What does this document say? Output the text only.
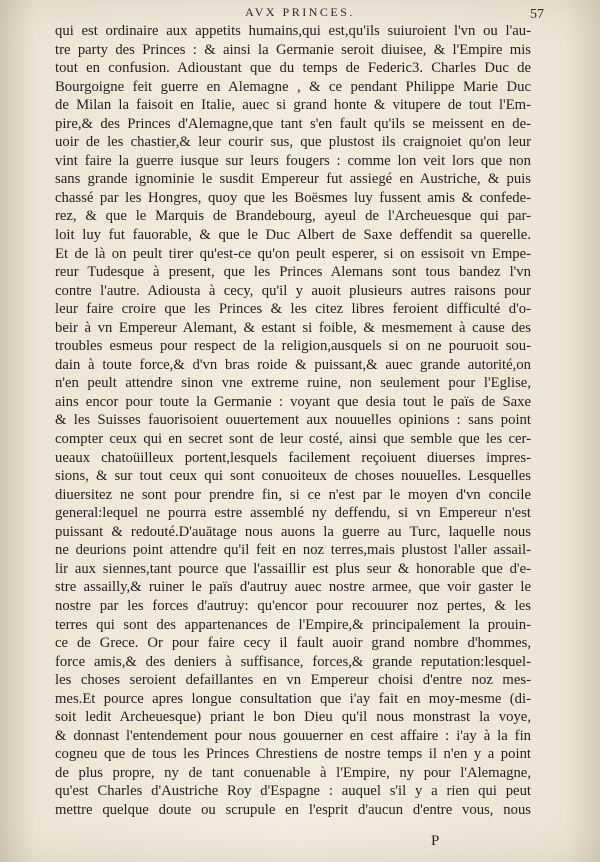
AVX PRINCES.	57
qui est ordinaire aux appetits humains,qui est,qu'ils suiuroient l'vn ou l'au-
tre party des Princes : & ainsi la Germanie seroit diuisee, & l'Empire mis
tout en confusion. Adioustant que du temps de Federic3. Charles Duc de
Bourgoigne feit guerre en Alemagne , & ce pendant Philippe Marie Duc
de Milan la faisoit en Italie, auec si grand honte & vitupere de tout l'Em-
pire,& des Princes d'Alemagne,que tant s'en fault qu'ils se meissent en de-
uoir de les chastier,& leur courir sus, que plustost ils craignoiet qu'on leur
vint faire la guerre iusque sur leurs fougers : comme lon veit lors que non
sans grande ignominie le susdit Empereur fut assiegé en Austriche, & puis
chassé par les Hongres, quoy que les Boësmes luy fussent amis & confede-
rez, & que le Marquis de Brandebourg, ayeul de l'Archeuesque qui par-
loit luy fut fauorable, & que le Duc Albert de Saxe deffendit sa querelle.
Et de là on peult tirer qu'est-ce qu'on peult esperer, si on essisoit vn Empe-
reur Tudesque à present, que les Princes Alemans sont tous bandez l'vn
contre l'autre. Adiousta à cecy, qu'il y auoit plusieurs autres raisons pour
leur faire croire que les Princes & les citez libres feroient difficulté d'o-
beir à vn Empereur Alemant, & estant si foible, & mesmement à cause des
troubles esmeus pour respect de la religion,ausquels si on ne pouruoit sou-
dain à toute force,& d'vn bras roide & puissant,& auec grande autorité,on
n'en peult attendre sinon vne extreme ruine, non seulement pour l'Eglise,
ains encor pour toute la Germanie : voyant que desia tout le païs de Saxe
& les Suisses fauorisoient ouuertement aux nouuelles opinions : sans point
compter ceux qui en secret sont de leur costé, ainsi que semble que les cer-
ueaux chatoüilleux portent,lesquels facilement reçoiuent diuerses impres-
sions, & sur tout ceux qui sont conuoiteux de choses nouuelles. Lesquelles
diuersitez ne sont pour prendre fin, si ce n'est par le moyen d'vn concile
general:lequel ne pourra estre assemblé ny deffendu, si vn Empereur n'est
puissant & redouté.D'auātage nous auons la guerre au Turc, laquelle nous
ne deurions point attendre qu'il feit en noz terres,mais plustost l'aller assail-
lir aux siennes,tant pource que l'assaillir est plus seur & honorable que d'e-
stre assailly,& ruiner le païs d'autruy auec nostre armee, que voir gaster le
nostre par les forces d'autruy: qu'encor pour recouurer noz pertes, & les
terres qui sont des appartenances de l'Empire,& principalement la prouin-
ce de Grece. Or pour faire cecy il fault auoir grand nombre d'hommes,
force amis,& des deniers à suffisance, forces,& grande reputation:lesquel-
les choses seroient defaillantes en vn Empereur choisi d'entre noz mes-
mes.Et pource apres longue consultation que i'ay fait en moy-mesme (di-
soit ledit Archeuesque) priant le bon Dieu qu'il nous monstrast la voye,
& donnast l'entendement pour nous gouuerner en cest affaire : i'ay à la fin
cogneu que de tous les Princes Chrestiens de nostre temps il n'en y a point
de plus propre, ny de tant conuenable à l'Empire, ny pour l'Alemagne,
qu'est Charles d'Austriche Roy d'Espagne : auquel s'il y a rien qui peut
mettre quelque doute ou scrupule en l'esprit d'aucun d'entre vous, nous
P
